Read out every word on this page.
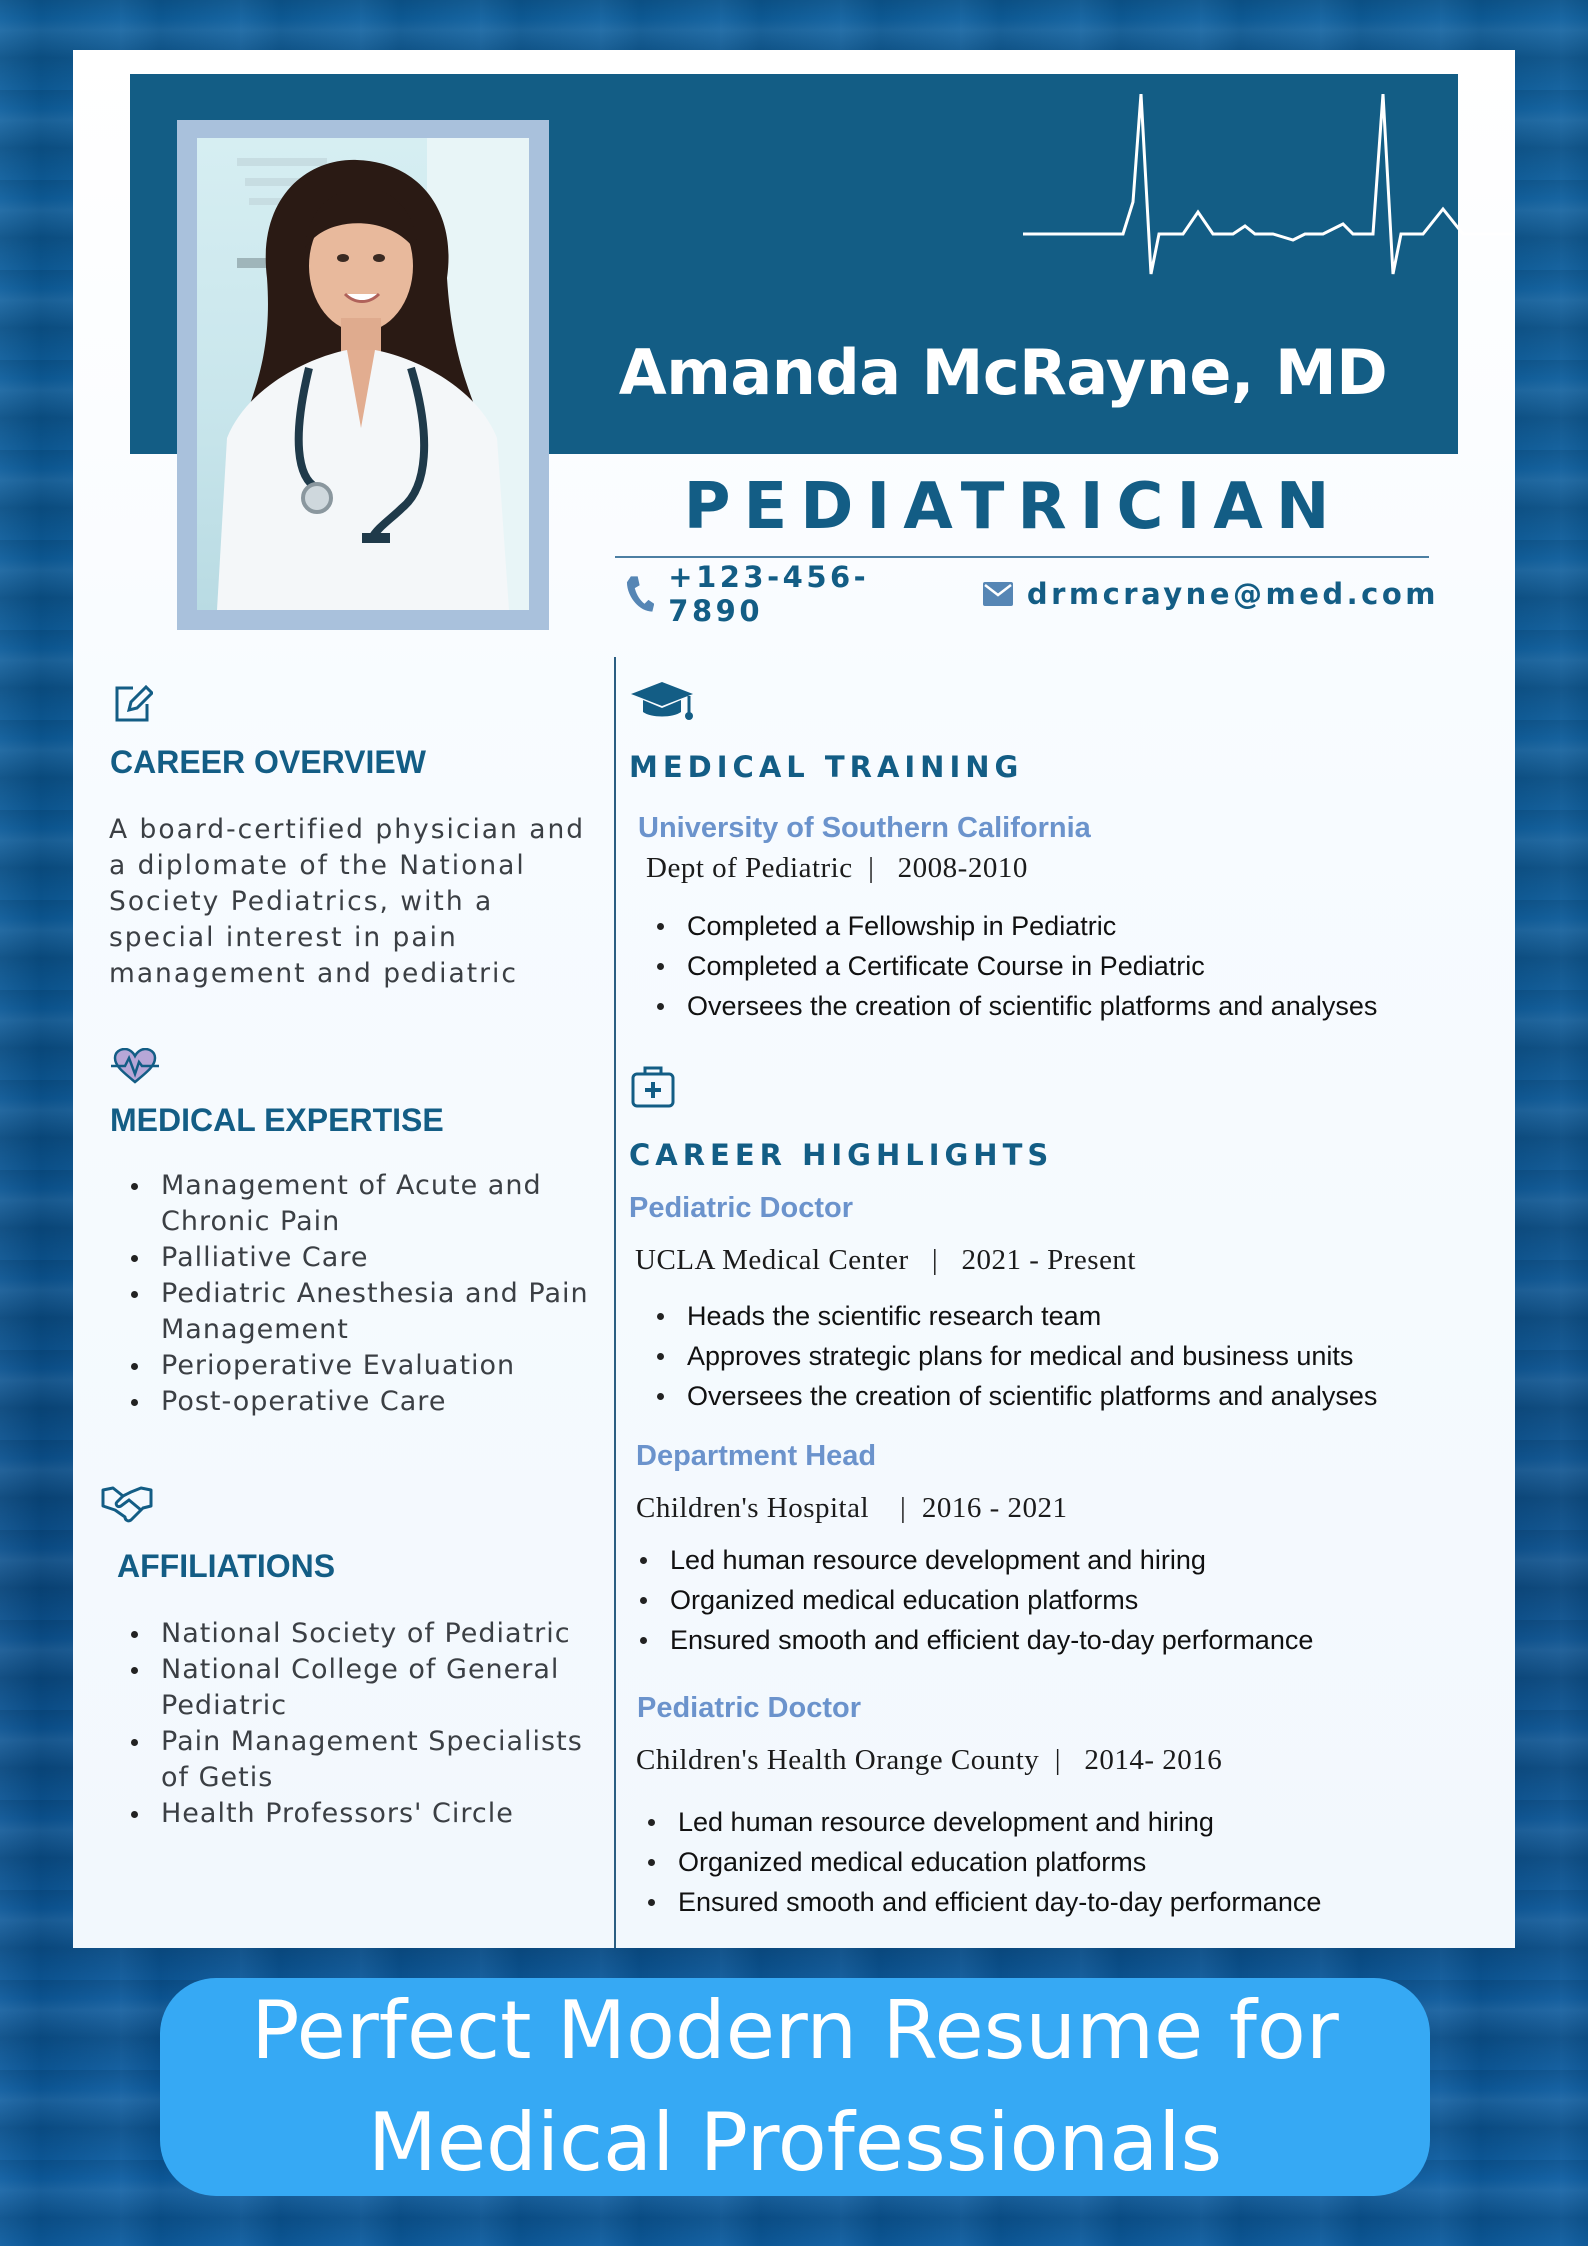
Amanda McRayne, MD
PEDIATRICIAN
+123-456-7890	drmcrayne@med.com
CAREER OVERVIEW
A board-certified physician and
a diplomate of the National
Society Pediatrics, with a
special interest in pain
management and pediatric
MEDICAL EXPERTISE
Management of Acute and Chronic Pain
Palliative Care
Pediatric Anesthesia and Pain Management
Perioperative Evaluation
Post-operative Care
AFFILIATIONS
National Society of Pediatric
National College of General Pediatric
Pain Management Specialists of Getis
Health Professors' Circle
MEDICAL TRAINING
University of Southern California
Dept of Pediatric  |   2008-2010
Completed a Fellowship in Pediatric
Completed a Certificate Course in Pediatric
Oversees the creation of scientific platforms and analyses
CAREER HIGHLIGHTS
Pediatric Doctor
UCLA Medical Center   |   2021 - Present
Heads the scientific research team
Approves strategic plans for medical and business units
Oversees the creation of scientific platforms and analyses
Department Head
Children's Hospital    |  2016 - 2021
Led human resource development and hiring
Organized medical education platforms
Ensured smooth and efficient day-to-day performance
Pediatric Doctor
Children's Health Orange County  |   2014- 2016
Led human resource development and hiring
Organized medical education platforms
Ensured smooth and efficient day-to-day performance
Perfect Modern Resume for
Medical Professionals
